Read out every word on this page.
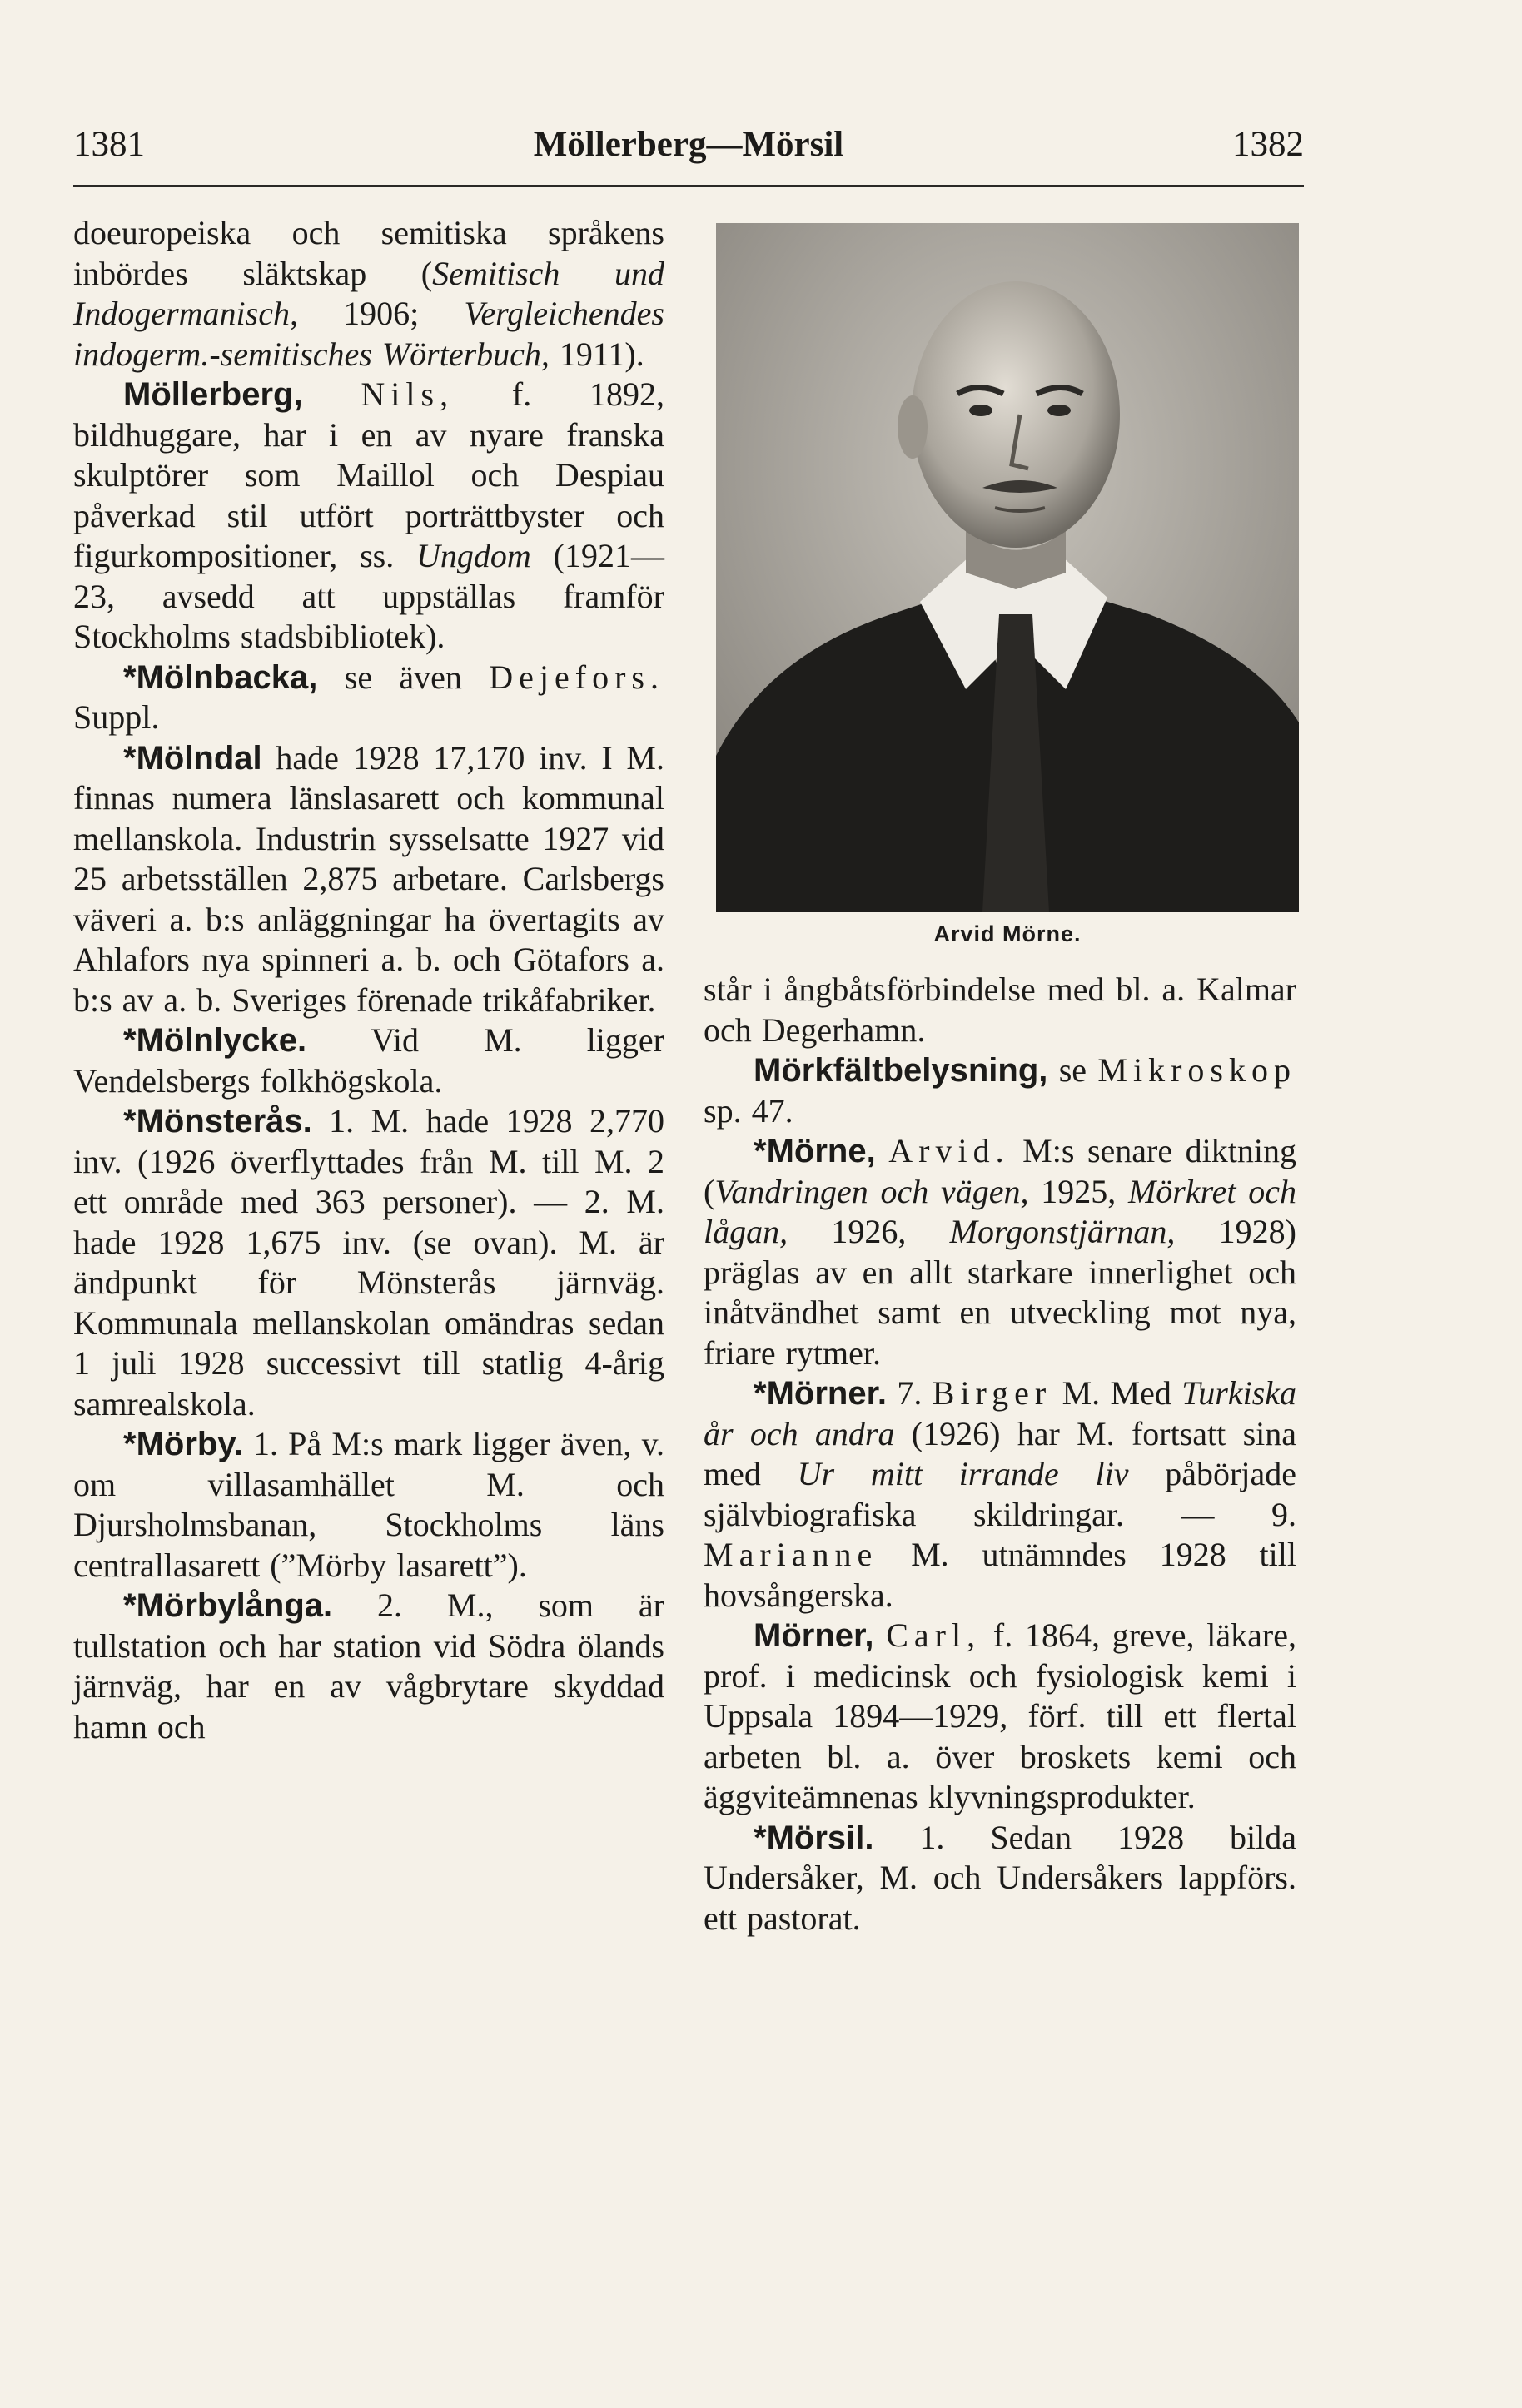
1381	Möllerberg—Mörsil	1382

doeuropeiska och semitiska språkens inbördes släktskap (Semitisch und Indogermanisch, 1906; Vergleichendes indogerm.-semitisches Wörterbuch, 1911).

Möllerberg, Nils, f. 1892, bildhuggare, har i en av nyare franska skulptörer som Maillol och Despiau påverkad stil utfört porträttbyster och figurkompositioner, ss. Ungdom (1921—23, avsedd att uppställas framför Stockholms stadsbibliotek).

*Mölnbacka, se även Dejefors. Suppl.

*Mölndal hade 1928 17,170 inv. I M. finnas numera länslasarett och kommunal mellanskola. Industrin sysselsatte 1927 vid 25 arbetsställen 2,875 arbetare. Carlsbergs väveri a. b:s anläggningar ha övertagits av Ahlafors nya spinneri a. b. och Götafors a. b:s av a. b. Sveriges förenade trikåfabriker.

*Mölnlycke. Vid M. ligger Vendelsbergs folkhögskola.

*Mönsterås. 1. M. hade 1928 2,770 inv. (1926 överflyttades från M. till M. 2 ett område med 363 personer). — 2. M. hade 1928 1,675 inv. (se ovan). M. är ändpunkt för Mönsterås järnväg. Kommunala mellanskolan omändras sedan 1 juli 1928 successivt till statlig 4-årig samrealskola.

*Mörby. 1. På M:s mark ligger även, v. om villasamhället M. och Djursholmsbanan, Stockholms läns centrallasarett (”Mörby lasarett”).

*Mörbylånga. 2. M., som är tullstation och har station vid Södra ölands järnväg, har en av vågbrytare skyddad hamn och

Arvid Mörne.

står i ångbåtsförbindelse med bl. a. Kalmar och Degerhamn.

Mörkfältbelysning, se Mikroskop sp. 47.

*Mörne, Arvid. M:s senare diktning (Vandringen och vägen, 1925, Mörkret och lågan, 1926, Morgonstjärnan, 1928) präglas av en allt starkare innerlighet och inåtvändhet samt en utveckling mot nya, friare rytmer.

*Mörner. 7. Birger M. Med Turkiska år och andra (1926) har M. fortsatt sina med Ur mitt irrande liv påbörjade självbiografiska skildringar. — 9. Marianne M. utnämndes 1928 till hovsångerska.

Mörner, Carl, f. 1864, greve, läkare, prof. i medicinsk och fysiologisk kemi i Uppsala 1894—1929, förf. till ett flertal arbeten bl. a. över broskets kemi och äggviteämnenas klyvningsprodukter.

*Mörsil. 1. Sedan 1928 bilda Undersåker, M. och Undersåkers lappförs. ett pastorat.
